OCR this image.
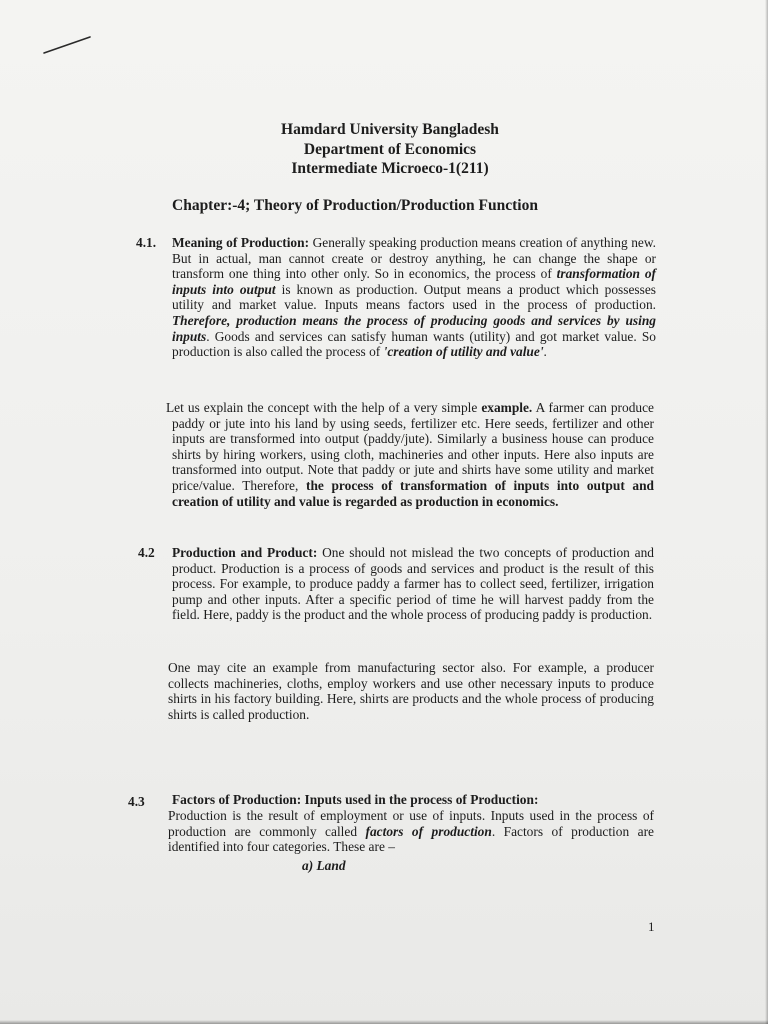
Hamdard University Bangladesh
Department of Economics
Intermediate Microeco-1(211)
Chapter:-4; Theory of Production/Production Function
4.1. Meaning of Production: Generally speaking production means creation of anything new. But in actual, man cannot create or destroy anything, he can change the shape or transform one thing into other only. So in economics, the process of transformation of inputs into output is known as production. Output means a product which possesses utility and market value. Inputs means factors used in the process of production. Therefore, production means the process of producing goods and services by using inputs. Goods and services can satisfy human wants (utility) and got market value. So production is also called the process of 'creation of utility and value'.
Let us explain the concept with the help of a very simple example. A farmer can produce paddy or jute into his land by using seeds, fertilizer etc. Here seeds, fertilizer and other inputs are transformed into output (paddy/jute). Similarly a business house can produce shirts by hiring workers, using cloth, machineries and other inputs. Here also inputs are transformed into output. Note that paddy or jute and shirts have some utility and market price/value. Therefore, the process of transformation of inputs into output and creation of utility and value is regarded as production in economics.
4.2 Production and Product: One should not mislead the two concepts of production and product. Production is a process of goods and services and product is the result of this process. For example, to produce paddy a farmer has to collect seed, fertilizer, irrigation pump and other inputs. After a specific period of time he will harvest paddy from the field. Here, paddy is the product and the whole process of producing paddy is production.
One may cite an example from manufacturing sector also. For example, a producer collects machineries, cloths, employ workers and use other necessary inputs to produce shirts in his factory building. Here, shirts are products and the whole process of producing shirts is called production.
4.3 Factors of Production: Inputs used in the process of Production:
Production is the result of employment or use of inputs. Inputs used in the process of production are commonly called factors of production. Factors of production are identified into four categories. These are –
a) Land
1
